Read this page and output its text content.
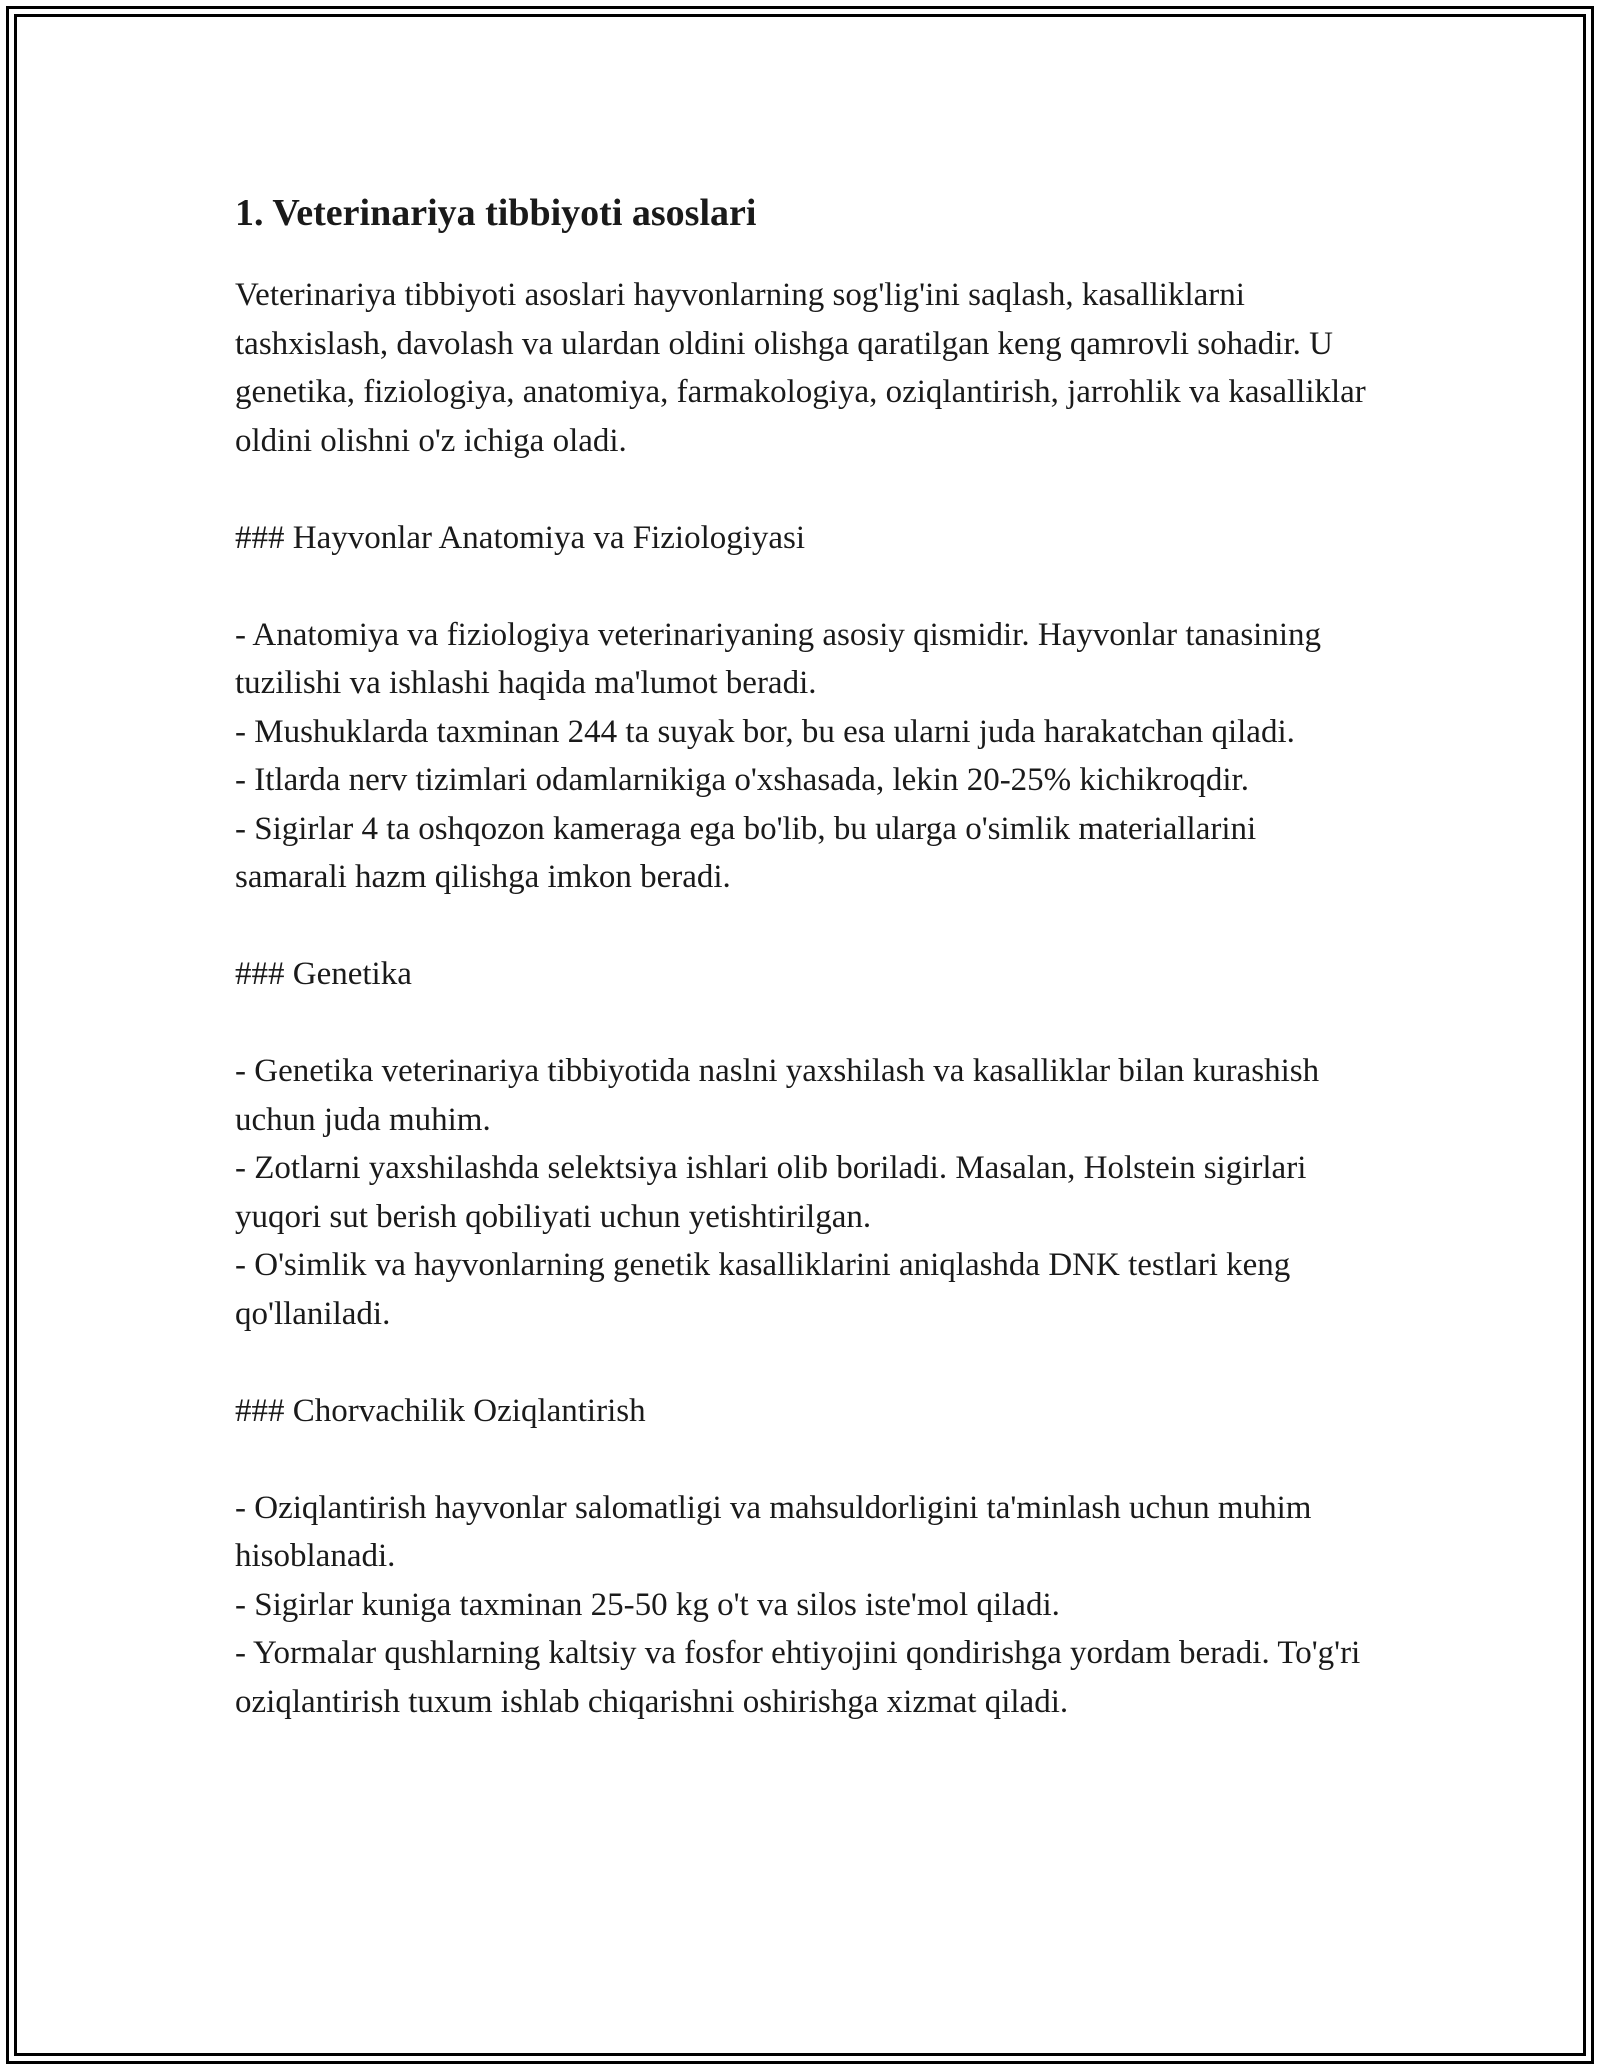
1. Veterinariya tibbiyoti asoslari

Veterinariya tibbiyoti asoslari hayvonlarning sog'lig'ini saqlash, kasalliklarni tashxislash, davolash va ulardan oldini olishga qaratilgan keng qamrovli sohadir. U genetika, fiziologiya, anatomiya, farmakologiya, oziqlantirish, jarrohlik va kasalliklar oldini olishni o'z ichiga oladi.

### Hayvonlar Anatomiya va Fiziologiyasi

- Anatomiya va fiziologiya veterinariyaning asosiy qismidir. Hayvonlar tanasining tuzilishi va ishlashi haqida ma'lumot beradi.

- Mushuklarda taxminan 244 ta suyak bor, bu esa ularni juda harakatchan qiladi.

- Itlarda nerv tizimlari odamlarnikiga o'xshasada, lekin 20-25% kichikroqdir.

- Sigirlar 4 ta oshqozon kameraga ega bo'lib, bu ularga o'simlik materiallarini samarali hazm qilishga imkon beradi.

### Genetika

- Genetika veterinariya tibbiyotida naslni yaxshilash va kasalliklar bilan kurashish uchun juda muhim.

- Zotlarni yaxshilashda selektsiya ishlari olib boriladi. Masalan, Holstein sigirlari yuqori sut berish qobiliyati uchun yetishtirilgan.

- O'simlik va hayvonlarning genetik kasalliklarini aniqlashda DNK testlari keng qo'llaniladi.

### Chorvachilik Oziqlantirish

- Oziqlantirish hayvonlar salomatligi va mahsuldorligini ta'minlash uchun muhim hisoblanadi.

- Sigirlar kuniga taxminan 25-50 kg o't va silos iste'mol qiladi.

- Yormalar qushlarning kaltsiy va fosfor ehtiyojini qondirishga yordam beradi. To'g'ri oziqlantirish tuxum ishlab chiqarishni oshirishga xizmat qiladi.
